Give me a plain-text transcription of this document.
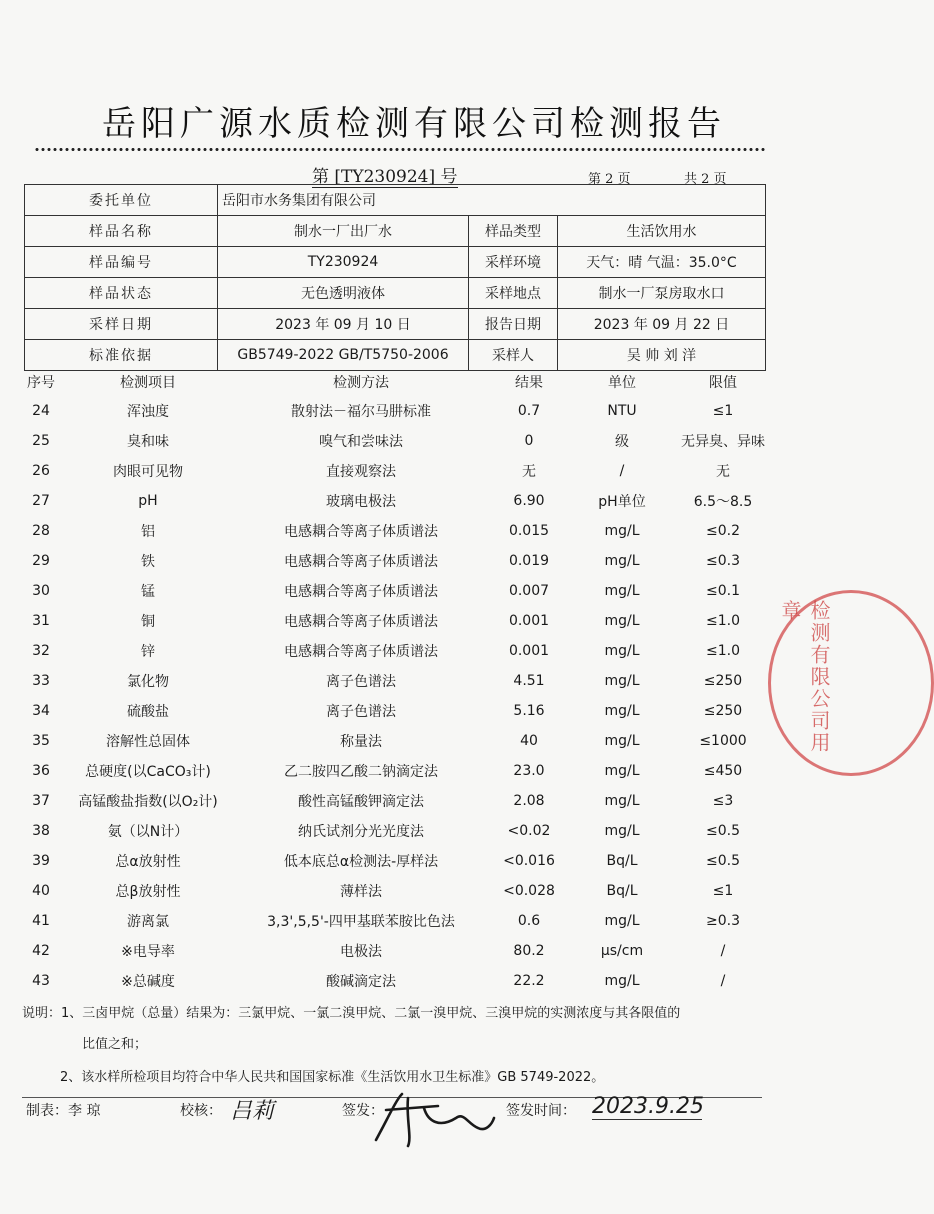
岳阳广源水质检测有限公司检测报告
第 [TY230924] 号	第 2 页	共 2 页
委托单位	岳阳市水务集团有限公司		
样品名称	制水一厂出厂水	样品类型	生活饮用水
样品编号	TY230924	采样环境	天气：晴 气温：35.0°C
样品状态	无色透明液体	采样地点	制水一厂泵房取水口
采样日期	2023 年 09 月 10 日	报告日期	2023 年 09 月 22 日
标准依据	GB5749-2022 GB/T5750-2006	采样人	吴 帅 刘 洋
序号	检测项目	检测方法	结果	单位	限值
24	浑浊度	散射法－福尔马肼标准	0.7	NTU	≤1
25	臭和味	嗅气和尝味法	0	级	无异臭、异味
26	肉眼可见物	直接观察法	无	/	无
27	pH	玻璃电极法	6.90	pH单位	6.5～8.5
28	铝	电感耦合等离子体质谱法	0.015	mg/L	≤0.2
29	铁	电感耦合等离子体质谱法	0.019	mg/L	≤0.3
30	锰	电感耦合等离子体质谱法	0.007	mg/L	≤0.1
31	铜	电感耦合等离子体质谱法	0.001	mg/L	≤1.0
32	锌	电感耦合等离子体质谱法	0.001	mg/L	≤1.0
33	氯化物	离子色谱法	4.51	mg/L	≤250
34	硫酸盐	离子色谱法	5.16	mg/L	≤250
35	溶解性总固体	称量法	40	mg/L	≤1000
36	总硬度(以CaCO₃计)	乙二胺四乙酸二钠滴定法	23.0	mg/L	≤450
37	高锰酸盐指数(以O₂计)	酸性高锰酸钾滴定法	2.08	mg/L	≤3
38	氨（以N计）	纳氏试剂分光光度法	<0.02	mg/L	≤0.5
39	总α放射性	低本底总α检测法-厚样法	<0.016	Bq/L	≤0.5
40	总β放射性	薄样法	<0.028	Bq/L	≤1
41	游离氯	3,3',5,5'-四甲基联苯胺比色法	0.6	mg/L	≥0.3
42	※电导率	电极法	80.2	μs/cm	/
43	※总碱度	酸碱滴定法	22.2	mg/L	/
说明：1、三卤甲烷（总量）结果为：三氯甲烷、一氯二溴甲烷、二氯一溴甲烷、三溴甲烷的实测浓度与其各限值的
比值之和；
2、该水样所检项目均符合中华人民共和国国家标准《生活饮用水卫生标准》GB 5749-2022。
制表：李 琼	校核： 吕莉	签发：	签发时间： 2023.9.25
检测有限公司用章
